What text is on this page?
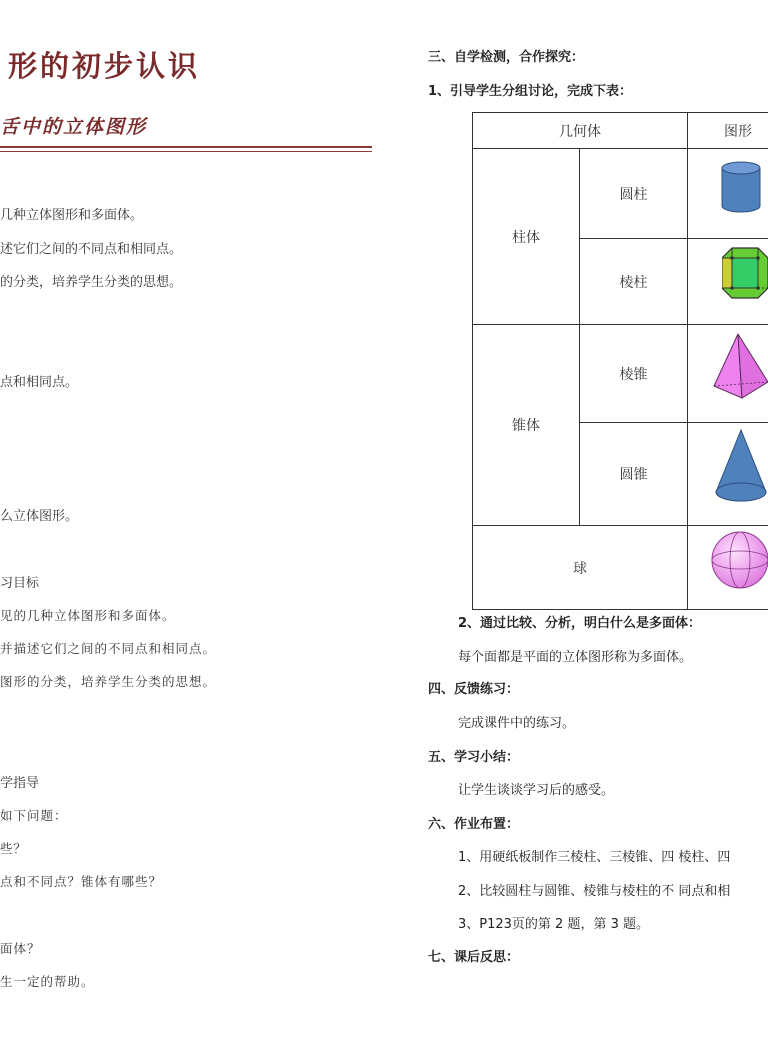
形的初步认识
舌中的立体图形
几种立体图形和多面体。
述它们之间的不同点和相同点。
的分类，培养学生分类的思想。
点和相同点。
么立体图形。
习目标
见的几种立体图形和多面体。
并描述它们之间的不同点和相同点。
图形的分类，培养学生分类的思想。
学指导
如下问题：
些？
点和不同点？锥体有哪些？
面体？
生一定的帮助。
三、自学检测，合作探究：
1、引导学生分组讨论，完成下表：
几何体	图形
柱体
圆柱
棱柱
锥体
棱锥
圆锥
球
2、通过比较、分析，明白什么是多面体：
每个面都是平面的立体图形称为多面体。
四、反馈练习：
完成课件中的练习。
五、学习小结：
让学生谈谈学习后的感受。
六、作业布置：
1、用硬纸板制作三棱柱、三棱锥、四 棱柱、四
2、比较圆柱与圆锥、棱锥与棱柱的不 同点和相
3、P123页的第 2 题，第 3 题。
七、课后反思：
